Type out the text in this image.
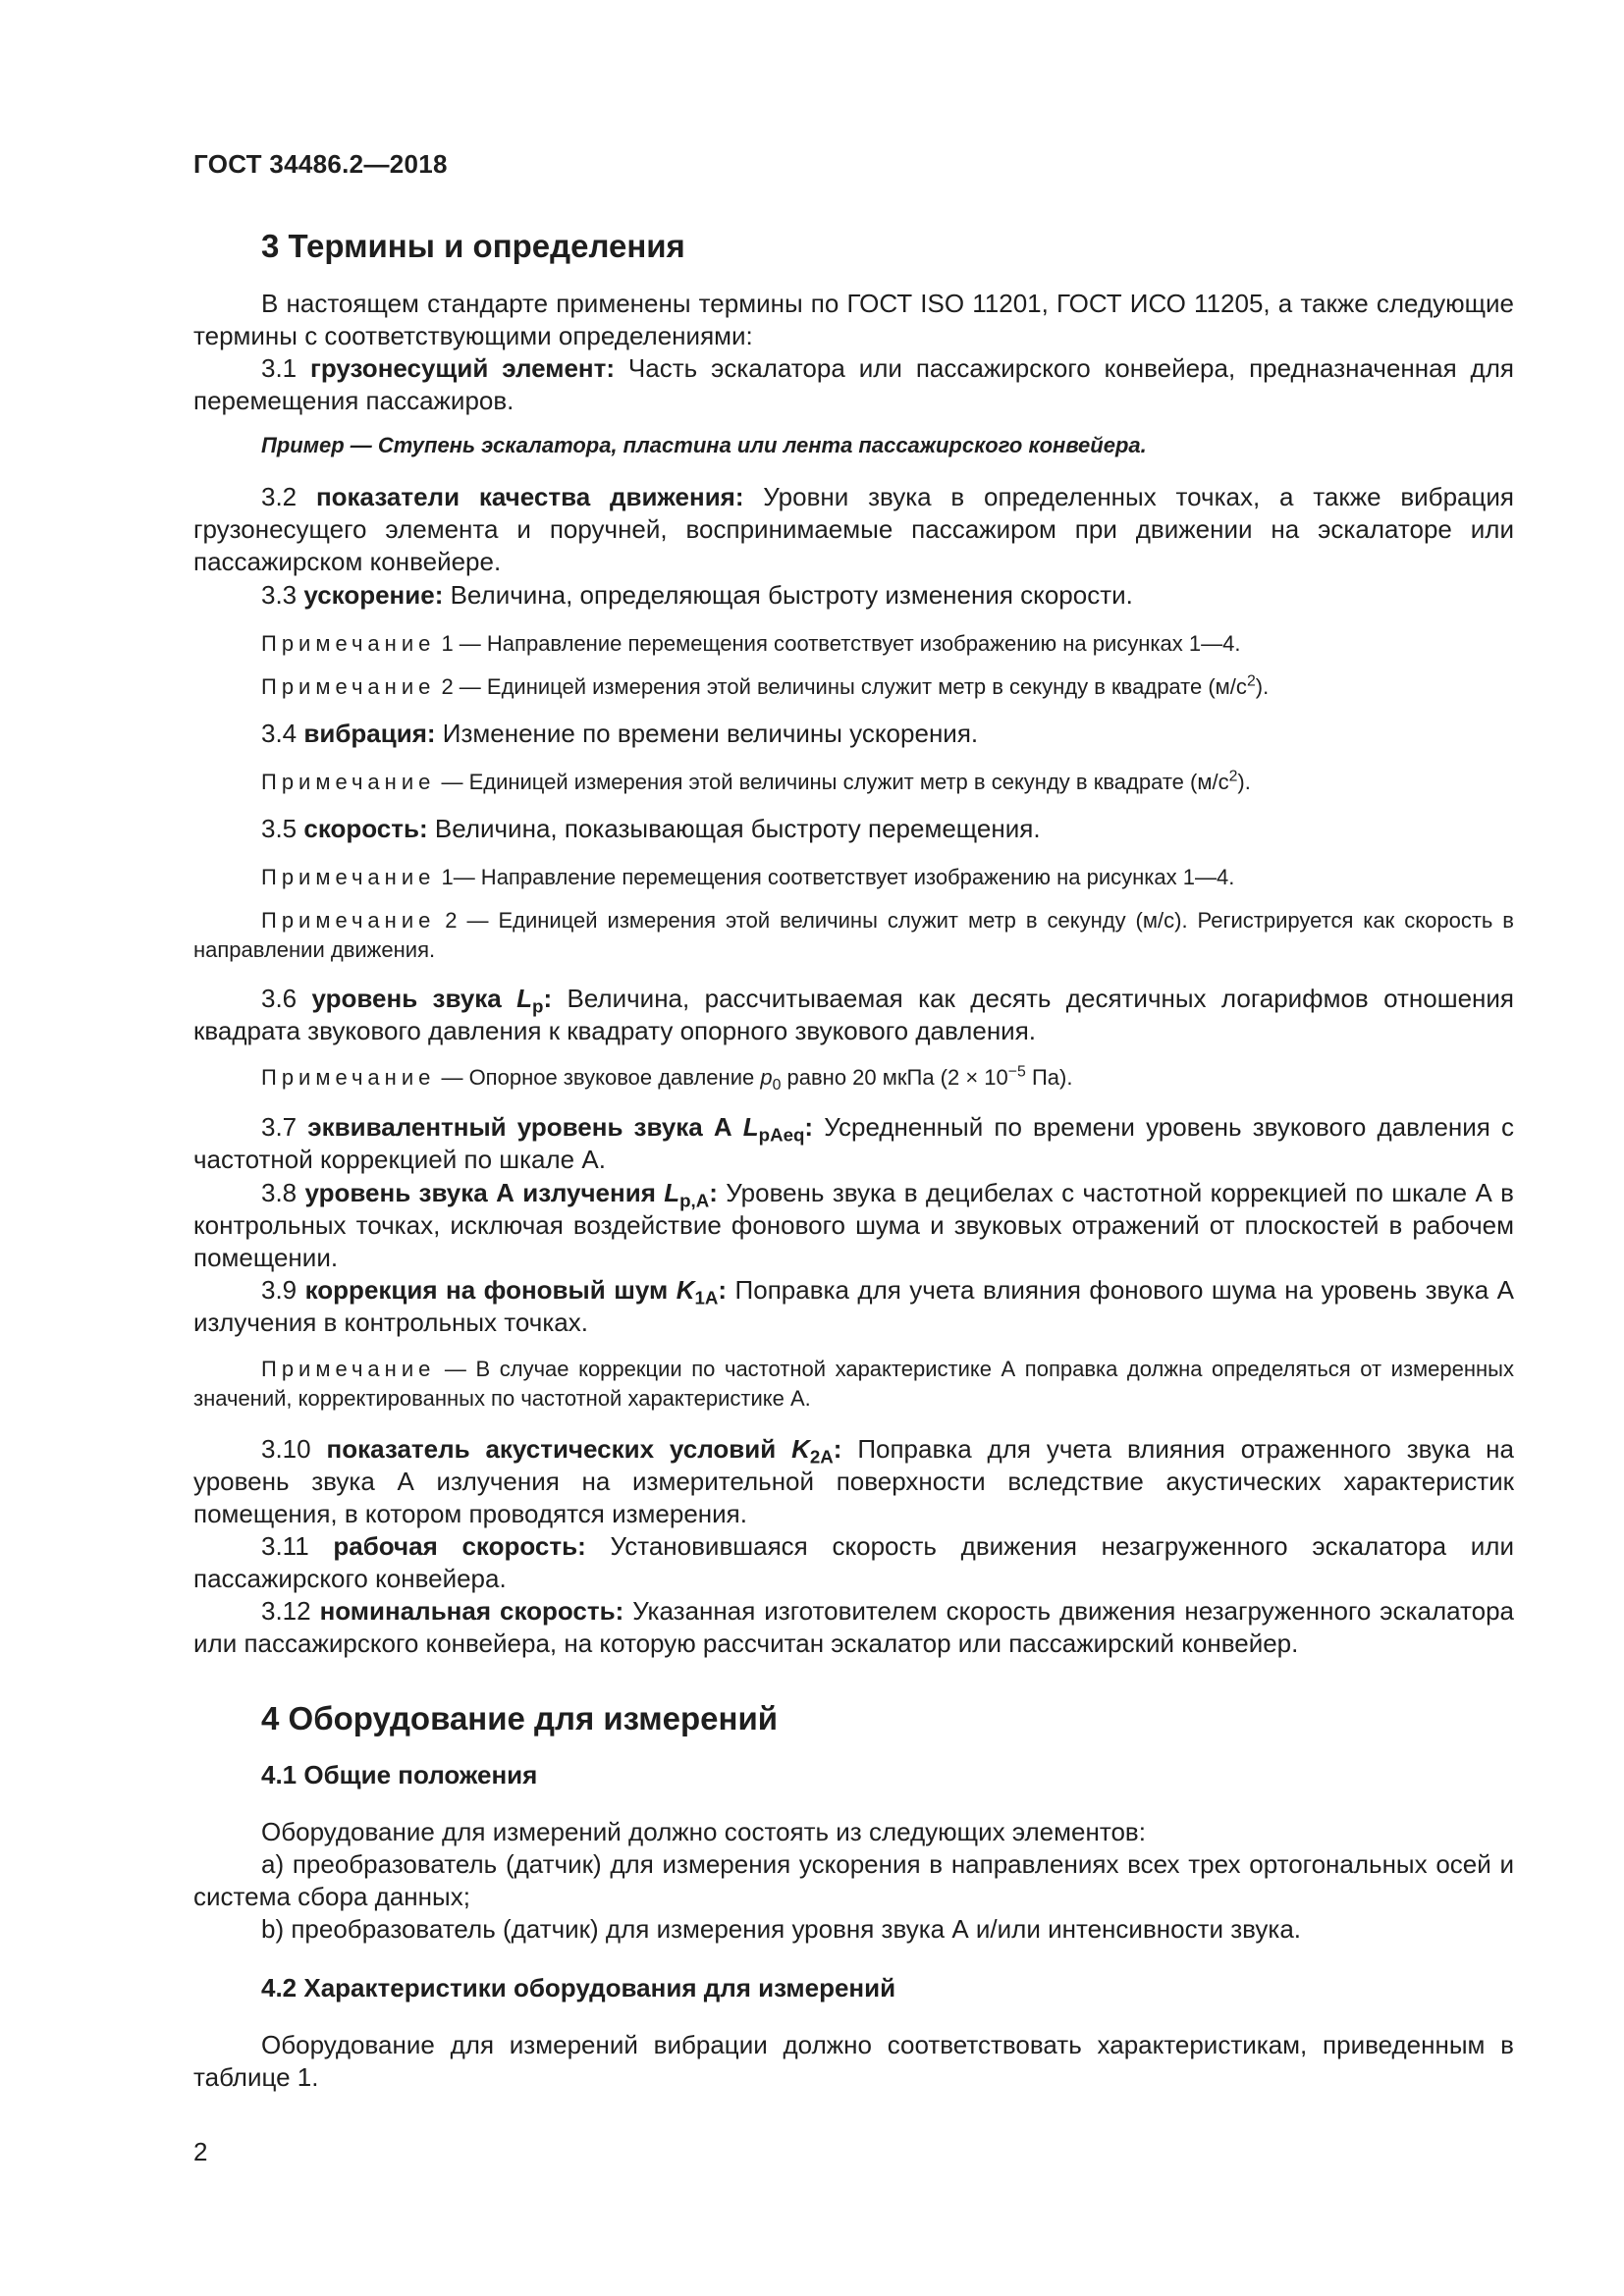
ГОСТ 34486.2—2018
3 Термины и определения
В настоящем стандарте применены термины по ГОСТ ISO 11201, ГОСТ ИСО 11205, а также следующие термины с соответствующими определениями:
3.1 грузонесущий элемент: Часть эскалатора или пассажирского конвейера, предназначенная для перемещения пассажиров.
Пример — Ступень эскалатора, пластина или лента пассажирского конвейера.
3.2 показатели качества движения: Уровни звука в определенных точках, а также вибрация грузонесущего элемента и поручней, воспринимаемые пассажиром при движении на эскалаторе или пассажирском конвейере.
3.3 ускорение: Величина, определяющая быстроту изменения скорости.
Примечание 1 — Направление перемещения соответствует изображению на рисунках 1—4.
Примечание 2 — Единицей измерения этой величины служит метр в секунду в квадрате $(м/с^2)$.
3.4 вибрация: Изменение по времени величины ускорения.
Примечание — Единицей измерения этой величины служит метр в секунду в квадрате $(м/с^2)$.
3.5 скорость: Величина, показывающая быстроту перемещения.
Примечание 1— Направление перемещения соответствует изображению на рисунках 1—4.
Примечание 2 — Единицей измерения этой величины служит метр в секунду (м/с). Регистрируется как скорость в направлении движения.
3.6 уровень звука $L_p$: Величина, рассчитываемая как десять десятичных логарифмов отношения квадрата звукового давления к квадрату опорного звукового давления.
Примечание — Опорное звуковое давление $p_0$ равно 20 мкПа ($2 \times 10^{-5}$ Па).
3.7 эквивалентный уровень звука А $L_{pAeq}$: Усредненный по времени уровень звукового давления с частотной коррекцией по шкале А.
3.8 уровень звука А излучения $L_{p,A}$: Уровень звука в децибелах с частотной коррекцией по шкале А в контрольных точках, исключая воздействие фонового шума и звуковых отражений от плоскостей в рабочем помещении.
3.9 коррекция на фоновый шум $K_{1A}$: Поправка для учета влияния фонового шума на уровень звука А излучения в контрольных точках.
Примечание — В случае коррекции по частотной характеристике А поправка должна определяться от измеренных значений, корректированных по частотной характеристике А.
3.10 показатель акустических условий $K_{2A}$: Поправка для учета влияния отраженного звука на уровень звука А излучения на измерительной поверхности вследствие акустических характеристик помещения, в котором проводятся измерения.
3.11 рабочая скорость: Установившаяся скорость движения незагруженного эскалатора или пассажирского конвейера.
3.12 номинальная скорость: Указанная изготовителем скорость движения незагруженного эскалатора или пассажирского конвейера, на которую рассчитан эскалатор или пассажирский конвейер.
4 Оборудование для измерений
4.1 Общие положения
Оборудование для измерений должно состоять из следующих элементов:
a) преобразователь (датчик) для измерения ускорения в направлениях всех трех ортогональных осей и система сбора данных;
b) преобразователь (датчик) для измерения уровня звука А и/или интенсивности звука.
4.2 Характеристики оборудования для измерений
Оборудование для измерений вибрации должно соответствовать характеристикам, приведенным в таблице 1.
2
